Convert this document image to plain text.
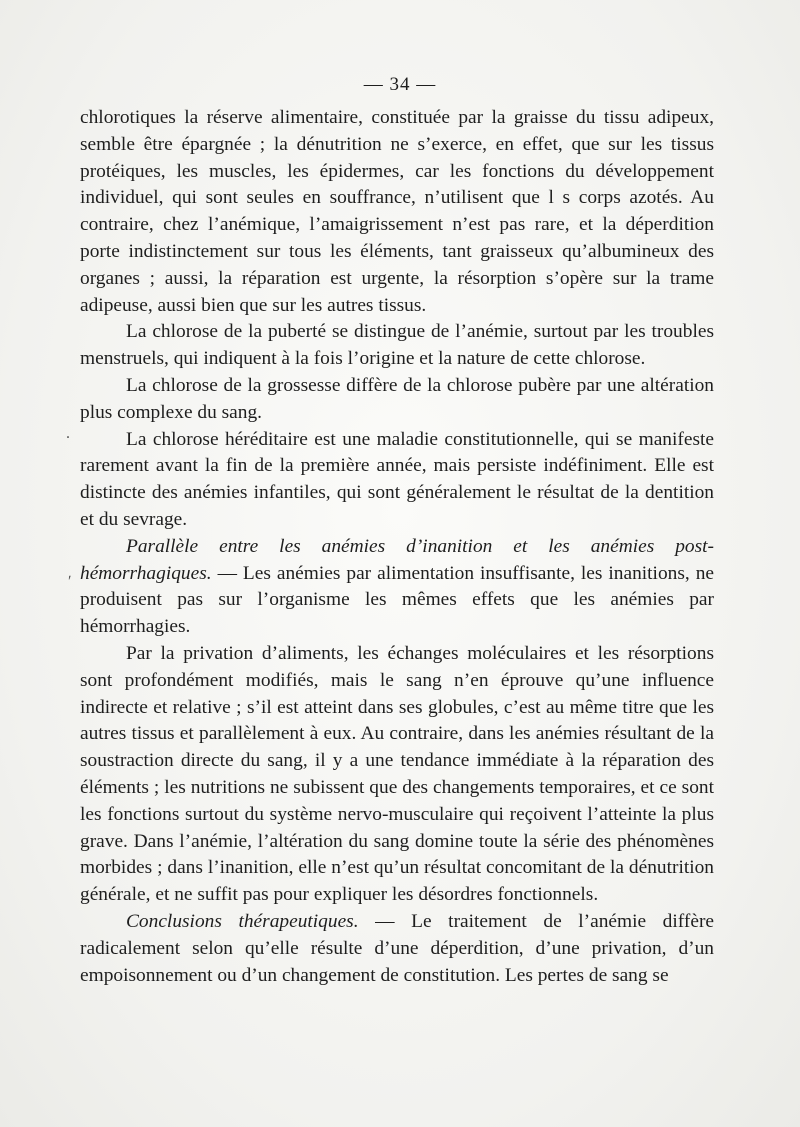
— 34 —

chlorotiques la réserve alimentaire, constituée par la graisse du tissu adipeux, semble être épargnée ; la dénutrition ne s’exerce, en effet, que sur les tissus protéiques, les muscles, les épidermes, car les fonctions du développement individuel, qui sont seules en souffrance, n’utilisent que l s corps azotés. Au contraire, chez l’anémique, l’amaigrissement n’est pas rare, et la déperdition porte indistinctement sur tous les éléments, tant graisseux qu’albumineux des organes ; aussi, la réparation est urgente, la résorption s’opère sur la trame adipeuse, aussi bien que sur les autres tissus.

La chlorose de la puberté se distingue de l’anémie, surtout par les troubles menstruels, qui indiquent à la fois l’origine et la nature de cette chlorose.

La chlorose de la grossesse diffère de la chlorose pubère par une altération plus complexe du sang.

La chlorose héréditaire est une maladie constitutionnelle, qui se manifeste rarement avant la fin de la première année, mais persiste indéfiniment. Elle est distincte des anémies infantiles, qui sont généralement le résultat de la dentition et du sevrage.

Parallèle entre les anémies d’inanition et les anémies post-hémorrhagiques. — Les anémies par alimentation insuffisante, les inanitions, ne produisent pas sur l’organisme les mêmes effets que les anémies par hémorrhagies.

Par la privation d’aliments, les échanges moléculaires et les résorptions sont profondément modifiés, mais le sang n’en éprouve qu’une influence indirecte et relative ; s’il est atteint dans ses globules, c’est au même titre que les autres tissus et parallèlement à eux. Au contraire, dans les anémies résultant de la soustraction directe du sang, il y a une tendance immédiate à la réparation des éléments ; les nutritions ne subissent que des changements temporaires, et ce sont les fonctions surtout du système nervo-musculaire qui reçoivent l’atteinte la plus grave. Dans l’anémie, l’altération du sang domine toute la série des phénomènes morbides ; dans l’inanition, elle n’est qu’un résultat concomitant de la dénutrition générale, et ne suffit pas pour expliquer les désordres fonctionnels.

Conclusions thérapeutiques. — Le traitement de l’anémie diffère radicalement selon qu’elle résulte d’une déperdition, d’une privation, d’un empoisonnement ou d’un changement de constitution. Les pertes de sang se

.
ʹ
